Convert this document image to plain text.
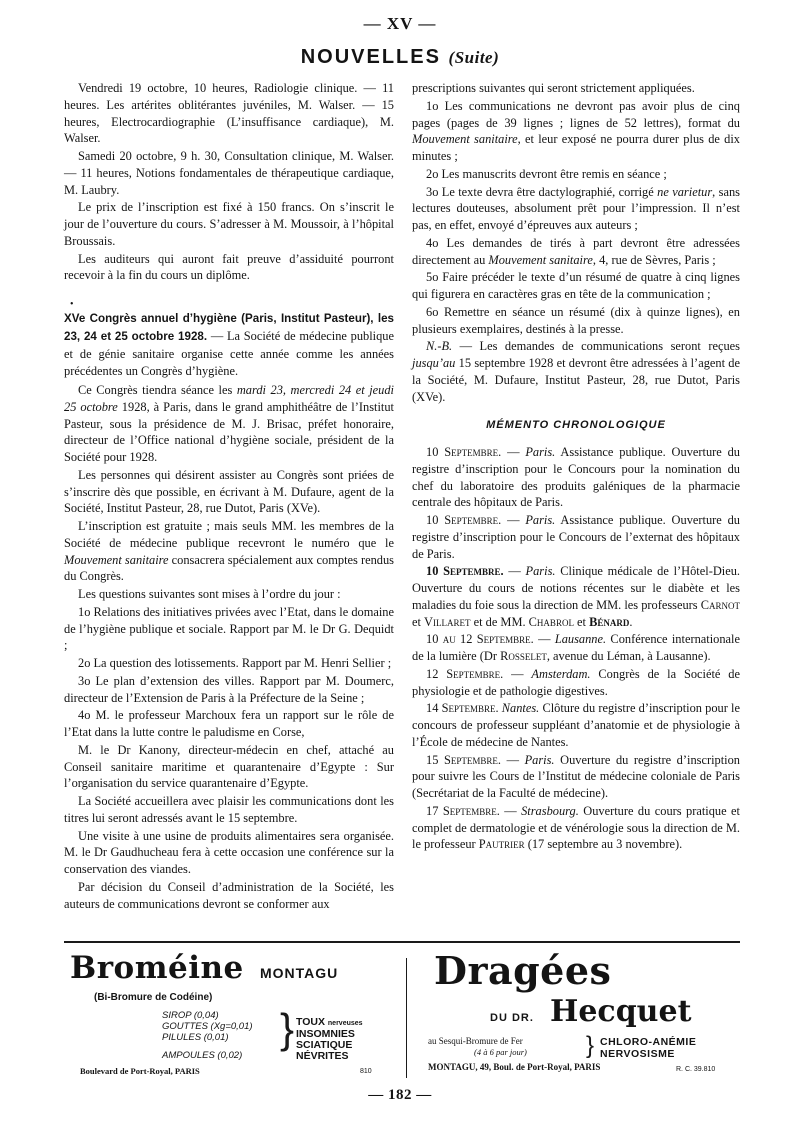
— XV —
NOUVELLES (Suite)

Vendredi 19 octobre, 10 heures, Radiologie clinique. — 11 heures. Les artérites oblitérantes juvéniles, M. Walser. — 15 heures, Electrocardiographie (L’insuffisance cardiaque), M. Walser.

Samedi 20 octobre, 9 h. 30, Consultation clinique, M. Walser. — 11 heures, Notions fondamentales de thérapeutique cardiaque, M. Laubry.

Le prix de l’inscription est fixé à 150 francs. On s’inscrit le jour de l’ouverture du cours. S’adresser à M. Moussoir, à l’hôpital Broussais.

Les auditeurs qui auront fait preuve d’assiduité pourront recevoir à la fin du cours un diplôme.

•

XVe Congrès annuel d’hygiène (Paris, Institut Pasteur), les 23, 24 et 25 octobre 1928. — La Société de médecine publique et de génie sanitaire organise cette année comme les années précédentes un Congrès d’hygiène.

Ce Congrès tiendra séance les mardi 23, mercredi 24 et jeudi 25 octobre 1928, à Paris, dans le grand amphithéâtre de l’Institut Pasteur, sous la présidence de M. J. Brisac, préfet honoraire, directeur de l’Office national d’hygiène sociale, président de la Société pour 1928.

Les personnes qui désirent assister au Congrès sont priées de s’inscrire dès que possible, en écrivant à M. Dufaure, agent de la Société, Institut Pasteur, 28, rue Dutot, Paris (XVe).

L’inscription est gratuite ; mais seuls MM. les membres de la Société de médecine publique recevront le numéro que le Mouvement sanitaire consacrera spécialement aux comptes rendus du Congrès.

Les questions suivantes sont mises à l’ordre du jour :

1o Relations des initiatives privées avec l’Etat, dans le domaine de l’hygiène publique et sociale. Rapport par M. le Dr G. Dequidt ;

2o La question des lotissements. Rapport par M. Henri Sellier ;

3o Le plan d’extension des villes. Rapport par M. Doumerc, directeur de l’Extension de Paris à la Préfecture de la Seine ;

4o M. le professeur Marchoux fera un rapport sur le rôle de l’Etat dans la lutte contre le paludisme en Corse,

M. le Dr Kanony, directeur-médecin en chef, attaché au Conseil sanitaire maritime et quarantenaire d’Egypte : Sur l’organisation du service quarantenaire d’Egypte.

La Société accueillera avec plaisir les communications dont les titres lui seront adressés avant le 15 septembre.

Une visite à une usine de produits alimentaires sera organisée. M. le Dr Gaudhucheau fera à cette occasion une conférence sur la conservation des viandes.

Par décision du Conseil d’administration de la Société, les auteurs de communications devront se conformer aux

prescriptions suivantes qui seront strictement appliquées.

1o Les communications ne devront pas avoir plus de cinq pages (pages de 39 lignes ; lignes de 52 lettres), format du Mouvement sanitaire, et leur exposé ne pourra durer plus de dix minutes ;

2o Les manuscrits devront être remis en séance ;

3o Le texte devra être dactylographié, corrigé ne varietur, sans lectures douteuses, absolument prêt pour l’impression. Il n’est pas, en effet, envoyé d’épreuves aux auteurs ;

4o Les demandes de tirés à part devront être adressées directement au Mouvement sanitaire, 4, rue de Sèvres, Paris ;

5o Faire précéder le texte d’un résumé de quatre à cinq lignes qui figurera en caractères gras en tête de la communication ;

6o Remettre en séance un résumé (dix à quinze lignes), en plusieurs exemplaires, destinés à la presse.

N.-B. — Les demandes de communications seront reçues jusqu’au 15 septembre 1928 et devront être adressées à l’agent de la Société, M. Dufaure, Institut Pasteur, 28, rue Dutot, Paris (XVe).

MÉMENTO CHRONOLOGIQUE

10 Septembre. — Paris. Assistance publique. Ouverture du registre d’inscription pour le Concours pour la nomination du chef du laboratoire des produits galéniques de la pharmacie centrale des hôpitaux de Paris.

10 Septembre. — Paris. Assistance publique. Ouverture du registre d’inscription pour le Concours de l’externat des hôpitaux de Paris.

10 Septembre. — Paris. Clinique médicale de l’Hôtel-Dieu. Ouverture du cours de notions récentes sur le diabète et les maladies du foie sous la direction de MM. les professeurs Carnot et Villaret et de MM. Chabrol et Bénard.

10 au 12 Septembre. — Lausanne. Conférence internationale de la lumière (Dr Rosselet, avenue du Léman, à Lausanne).

12 Septembre. — Amsterdam. Congrès de la Société de physiologie et de pathologie digestives.

14 Septembre. Nantes. Clôture du registre d’inscription pour le concours de professeur suppléant d’anatomie et de physiologie à l’École de médecine de Nantes.

15 Septembre. — Paris. Ouverture du registre d’inscription pour suivre les Cours de l’Institut de médecine coloniale de Paris (Secrétariat de la Faculté de médecine).

17 Septembre. — Strasbourg. Ouverture du cours pratique et complet de dermatologie et de vénérologie sous la direction de M. le professeur Pautrier (17 septembre au 3 novembre).

Broméine MONTAGU
(Bi-Bromure de Codéine)
SIROP (0,04)
GOUTTES (Xg=0,01)
PILULES (0,01)
AMPOULES (0,02)
} TOUX nerveuses
INSOMNIES
SCIATIQUE
NÉVRITES
Boulevard de Port-Royal, PARIS	810
Dragées
DU DR. Hecquet
au Sesqui-Bromure de Fer
(4 à 6 par jour) } CHLORO-ANÉMIE
NERVOSISME
MONTAGU, 49, Boul. de Port-Royal, PARIS	R. C. 39.810
— 182 —
